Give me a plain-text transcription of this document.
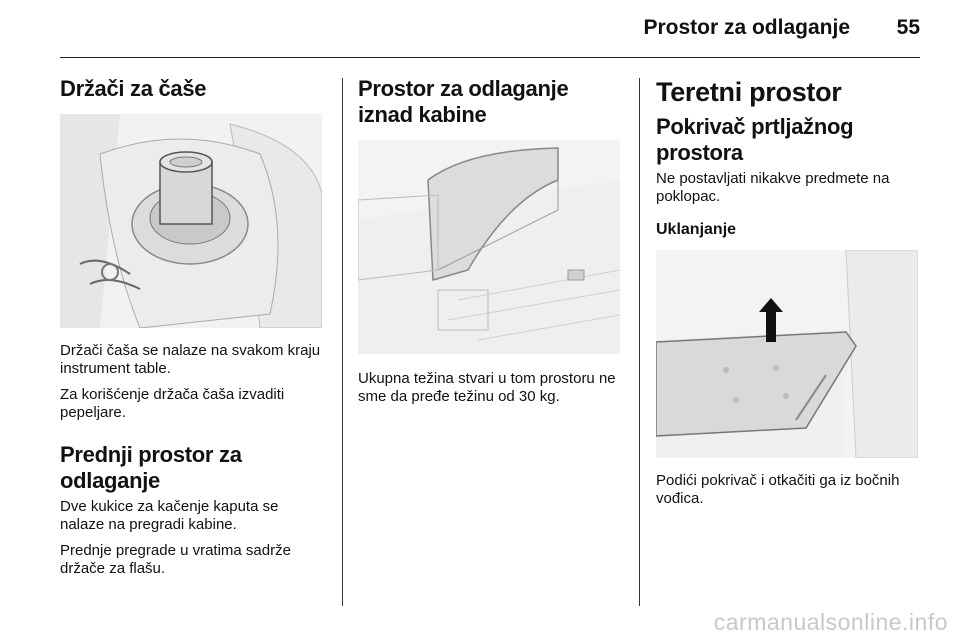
Prostor za odlaganje 55
Držači za čaše

Držači čaša se nalaze na svakom kraju instrument table.

Za korišćenje držača čaša izvaditi pepeljare.

Prednji prostor za odlaganje

Dve kukice za kačenje kaputa se nalaze na pregradi kabine.

Prednje pregrade u vratima sadrže držače za flašu.

Prostor za odlaganje iznad kabine

Ukupna težina stvari u tom prostoru ne sme da pređe težinu od 30 kg.

Teretni prostor
Pokrivač prtljažnog prostora

Ne postavljati nikakve predmete na poklopac.

Uklanjanje

Podići pokrivač i otkačiti ga iz bočnih vođica.

carmanualsonline.info
